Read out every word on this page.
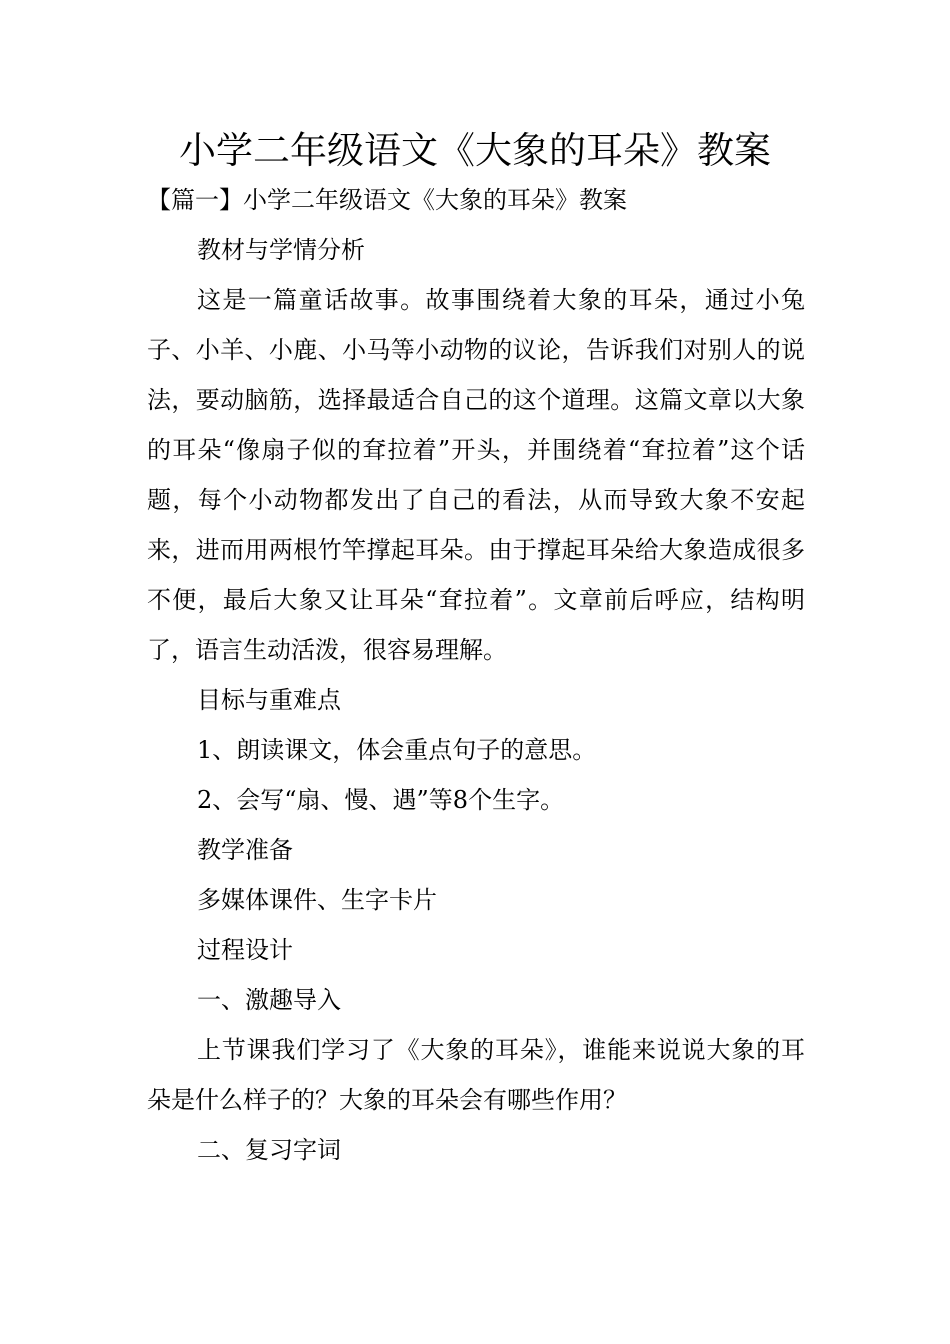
小学二年级语文《大象的耳朵》教案

【篇一】小学二年级语文《大象的耳朵》教案

教材与学情分析

这是一篇童话故事。故事围绕着大象的耳朵，通过小兔子、小羊、小鹿、小马等小动物的议论，告诉我们对别人的说法，要动脑筋，选择最适合自己的这个道理。这篇文章以大象的耳朵“像扇子似的耷拉着”开头，并围绕着“耷拉着”这个话题，每个小动物都发出了自己的看法，从而导致大象不安起来，进而用两根竹竿撑起耳朵。由于撑起耳朵给大象造成很多不便，最后大象又让耳朵“耷拉着”。文章前后呼应，结构明了，语言生动活泼，很容易理解。

目标与重难点

1、朗读课文，体会重点句子的意思。

2、会写“扇、慢、遇”等8个生字。

教学准备

多媒体课件、生字卡片

过程设计

一、激趣导入

上节课我们学习了《大象的耳朵》，谁能来说说大象的耳朵是什么样子的？大象的耳朵会有哪些作用？

二、复习字词
